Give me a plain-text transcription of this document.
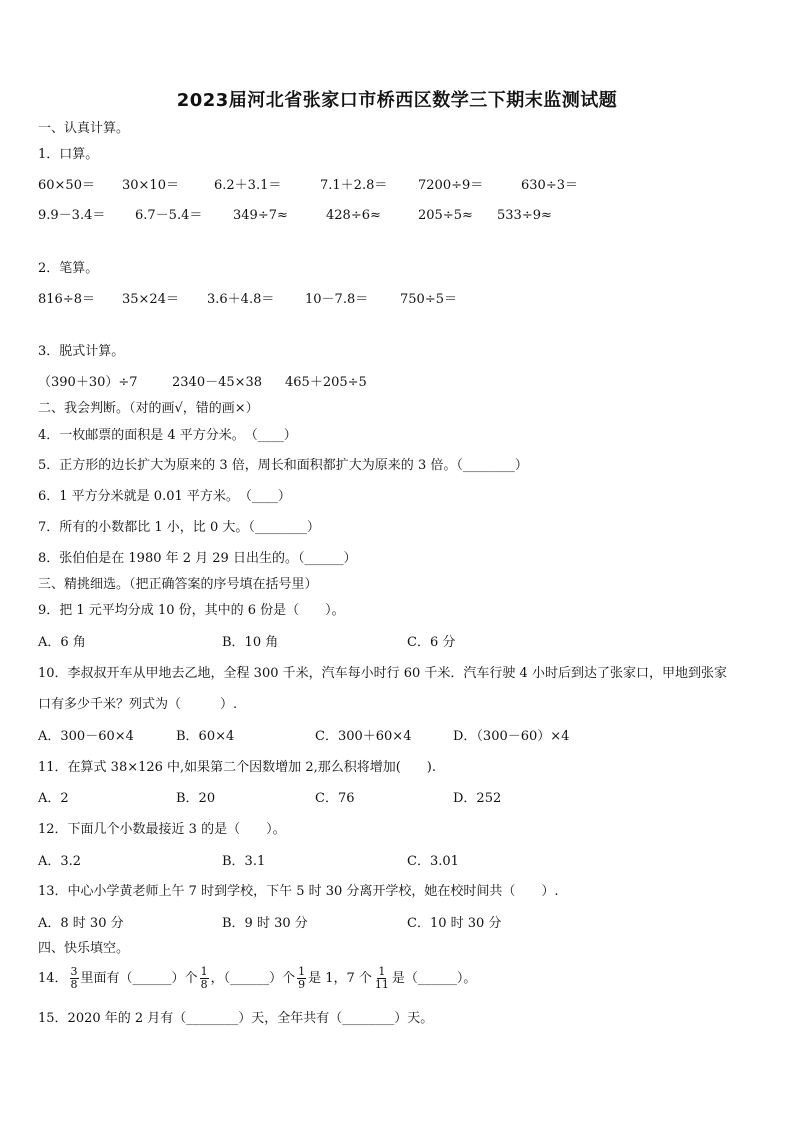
2023届河北省张家口市桥西区数学三下期末监测试题
一、认真计算。
1．口算。
60×50＝ 30×10＝	6.2＋3.1＝	7.1＋2.8＝ 7200÷9＝	630÷3＝
9.9－3.4＝ 6.7－5.4＝ 349÷7≈	428÷6≈	205÷5≈ 533÷9≈
2．笔算。
816÷8＝ 35×24＝ 3.6＋4.8＝ 10－7.8＝ 750÷5＝
3．脱式计算。
（390＋30）÷7	2340－45×38 465＋205÷5
二、我会判断。（对的画√，错的画×）
4．一枚邮票的面积是 4 平方分米。　（____）
5．正方形的边长扩大为原来的 3 倍，周长和面积都扩大为原来的 3 倍。（________）
6．1 平方分米就是 0.01 平方米。　（____）
7．所有的小数都比 1 小，比 0 大。（________）
8．张伯伯是在 1980 年 2 月 29 日出生的。（______）
三、精挑细选。（把正确答案的序号填在括号里）
9．把 1 元平均分成 10 份，其中的 6 份是（　　）。
A．6 角	B．10 角	C．6 分
10．李叔叔开车从甲地去乙地，全程 300 千米，汽车每小时行 60 千米．汽车行驶 4 小时后到达了张家口，甲地到张家
口有多少千米？列式为（　　　）.
A．300－60×4	B．60×4	C．300＋60×4	D．（300－60）×4
11．在算式 38×126 中,如果第二个因数增加 2,那么积将增加(　　).
A．2	B．20	C．76	D．252
12．下面几个小数最接近 3 的是（　　）。
A．3.2	B．3.1	C．3.01
13．中心小学黄老师上午 7 时到学校，下午 5 时 30 分离开学校，她在校时间共（　　）.
A．8 时 30 分	B．9 时 30 分	C．10 时 30 分
四、快乐填空。
14． $\frac{3}{8}$ 里面有（______）个 $\frac{1}{8}$ ，（______）个 $\frac{1}{9}$ 是 1，7 个 $\frac{1}{11}$ 是（______）。
15．2020 年的 2 月有（________）天，全年共有（________）天。
